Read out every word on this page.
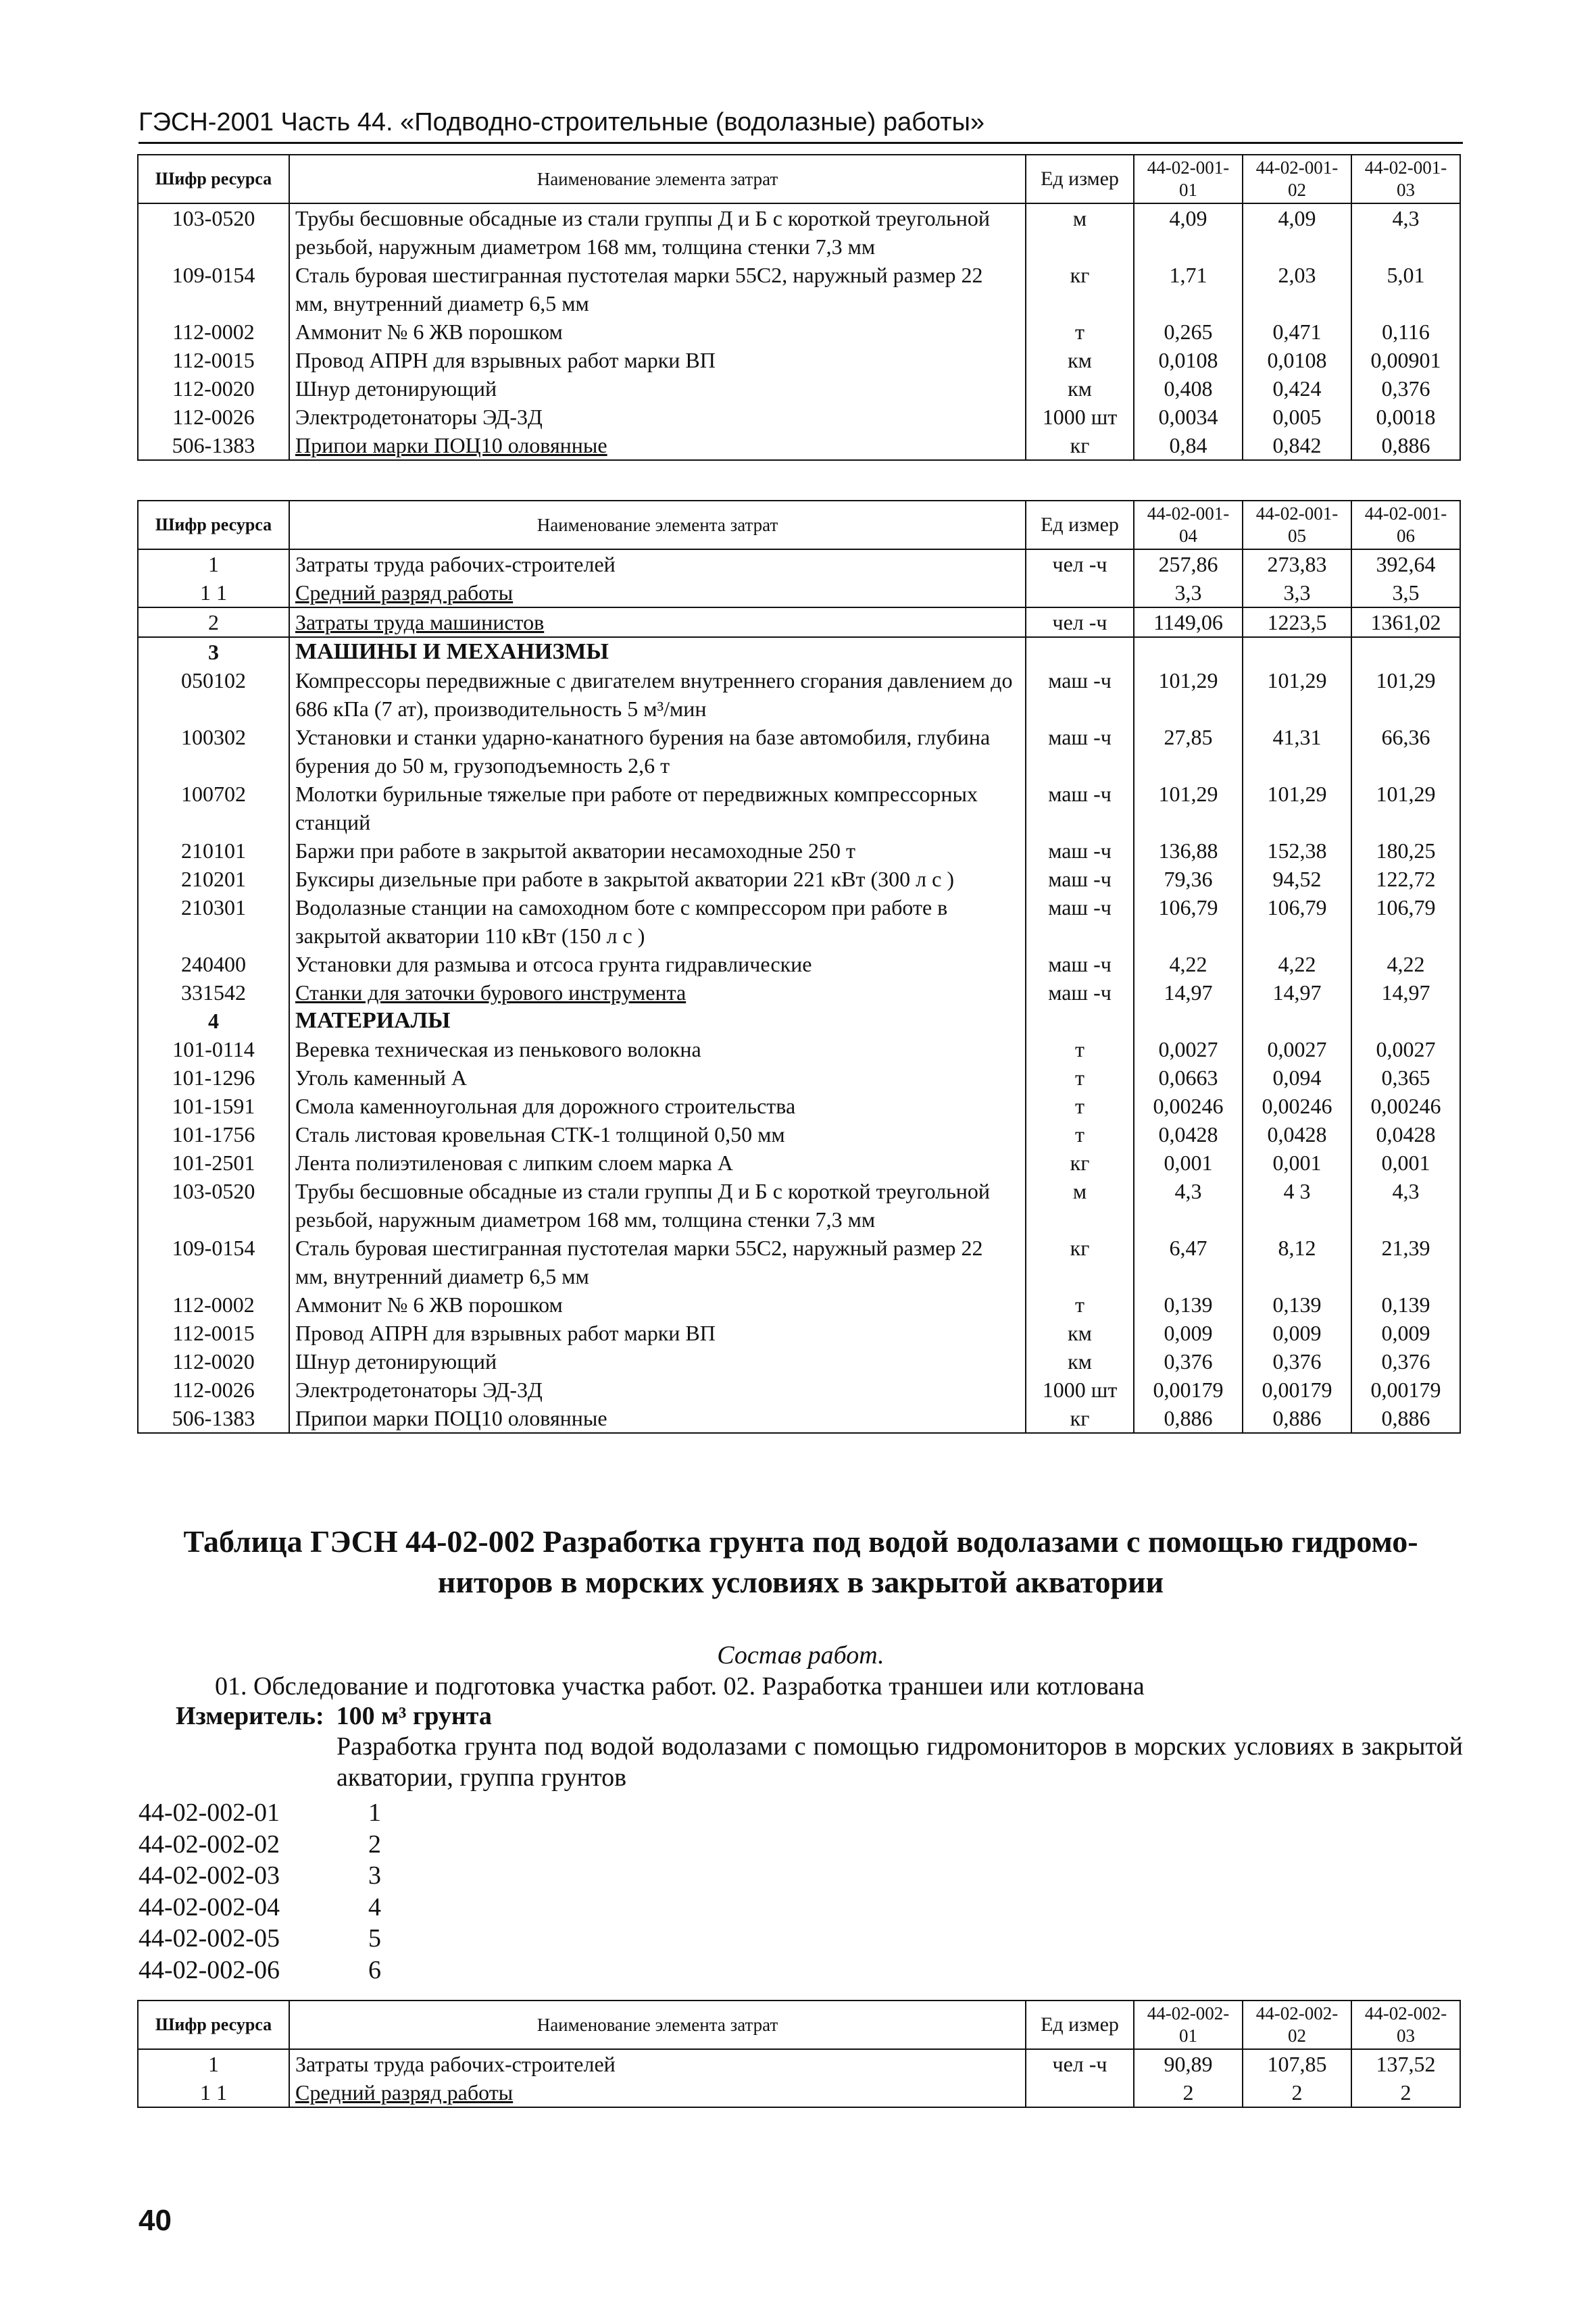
ГЭСН-2001 Часть 44. «Подводно-строительные (водолазные) работы»
Шифр ресурса	Наименование элемента затрат	Ед измер	44-02-001-01	44-02-001-02	44-02-001-03
103-0520	Трубы бесшовные обсадные из стали группы Д и Б с короткой треугольной резьбой, наружным диаметром 168 мм, толщина стенки 7,3 мм	м	4,09	4,09	4,3
109-0154	Сталь буровая шестигранная пустотелая марки 55С2, наружный размер 22 мм, внутренний диаметр 6,5 мм	кг	1,71	2,03	5,01
112-0002	Аммонит № 6 ЖВ порошком	т	0,265	0,471	0,116
112-0015	Провод АПРН для взрывных работ марки ВП	км	0,0108	0,0108	0,00901
112-0020	Шнур детонирующий	км	0,408	0,424	0,376
112-0026	Электродетонаторы ЭД-3Д	1000 шт	0,0034	0,005	0,0018
506-1383	Припои марки ПОЦ10 оловянные	кг	0,84	0,842	0,886
Шифр ресурса	Наименование элемента затрат	Ед измер	44-02-001-04	44-02-001-05	44-02-001-06
1	Затраты труда рабочих-строителей	чел -ч	257,86	273,83	392,64
1 1	Средний разряд работы		3,3	3,3	3,5
2	Затраты труда машинистов	чел -ч	1149,06	1223,5	1361,02
3	МАШИНЫ И МЕХАНИЗМЫ				
050102	Компрессоры передвижные с двигателем внутреннего сгорания давлением до 686 кПа (7 ат), производительность 5 м³/мин	маш -ч	101,29	101,29	101,29
100302	Установки и станки ударно-канатного бурения на базе автомобиля, глубина бурения до 50 м, грузоподъемность 2,6 т	маш -ч	27,85	41,31	66,36
100702	Молотки бурильные тяжелые при работе от передвижных компрессорных станций	маш -ч	101,29	101,29	101,29
210101	Баржи при работе в закрытой акватории несамоходные 250 т	маш -ч	136,88	152,38	180,25
210201	Буксиры дизельные при работе в закрытой акватории 221 кВт (300 л с )	маш -ч	79,36	94,52	122,72
210301	Водолазные станции на самоходном боте с компрессором при работе в закрытой акватории 110 кВт (150 л с )	маш -ч	106,79	106,79	106,79
240400	Установки для размыва и отсоса грунта гидравлические	маш -ч	4,22	4,22	4,22
331542	Станки для заточки бурового инструмента	маш -ч	14,97	14,97	14,97
4	МАТЕРИАЛЫ				
101-0114	Веревка техническая из пенькового волокна	т	0,0027	0,0027	0,0027
101-1296	Уголь каменный А	т	0,0663	0,094	0,365
101-1591	Смола каменноугольная для дорожного строительства	т	0,00246	0,00246	0,00246
101-1756	Сталь листовая кровельная СТК-1 толщиной 0,50 мм	т	0,0428	0,0428	0,0428
101-2501	Лента полиэтиленовая с липким слоем марка А	кг	0,001	0,001	0,001
103-0520	Трубы бесшовные обсадные из стали группы Д и Б с короткой треугольной резьбой, наружным диаметром 168 мм, толщина стенки 7,3 мм	м	4,3	4 3	4,3
109-0154	Сталь буровая шестигранная пустотелая марки 55С2, наружный размер 22 мм, внутренний диаметр 6,5 мм	кг	6,47	8,12	21,39
112-0002	Аммонит № 6 ЖВ порошком	т	0,139	0,139	0,139
112-0015	Провод АПРН для взрывных работ марки ВП	км	0,009	0,009	0,009
112-0020	Шнур детонирующий	км	0,376	0,376	0,376
112-0026	Электродетонаторы ЭД-3Д	1000 шт	0,00179	0,00179	0,00179
506-1383	Припои марки ПОЦ10 оловянные	кг	0,886	0,886	0,886
Таблица ГЭСН 44-02-002 Разработка грунта под водой водолазами с помощью гидромо-
ниторов в морских условиях в закрытой акватории
Состав работ.
01. Обследование и подготовка участка работ. 02. Разработка траншеи или котлована
Измеритель: 100 м³ грунта
Разработка грунта под водой водолазами с помощью гидромониторов в морских условиях в закрытой акватории, группа грунтов
44-02-002-01	1
44-02-002-02	2
44-02-002-03	3
44-02-002-04	4
44-02-002-05	5
44-02-002-06	6
Шифр ресурса	Наименование элемента затрат	Ед измер	44-02-002-01	44-02-002-02	44-02-002-03
1	Затраты труда рабочих-строителей	чел -ч	90,89	107,85	137,52
1 1	Средний разряд работы		2	2	2
40
